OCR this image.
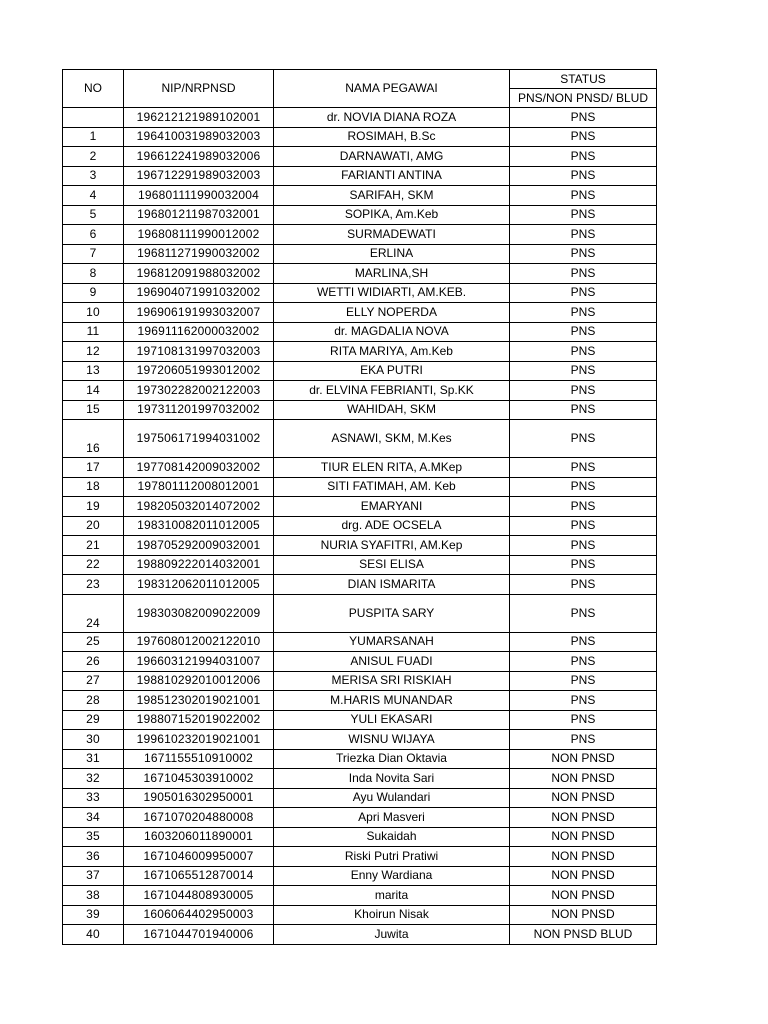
NO	NIP/NRPNSD	NAMA PEGAWAI	STATUS
			PNS/NON PNSD/ BLUD
	196212121989102001	dr. NOVIA DIANA ROZA	PNS
1	196410031989032003	ROSIMAH, B.Sc	PNS
2	196612241989032006	DARNAWATI, AMG	PNS
3	196712291989032003	FARIANTI ANTINA	PNS
4	196801111990032004	SARIFAH, SKM	PNS
5	196801211987032001	SOPIKA, Am.Keb	PNS
6	196808111990012002	SURMADEWATI	PNS
7	196811271990032002	ERLINA	PNS
8	196812091988032002	MARLINA,SH	PNS
9	196904071991032002	WETTI WIDIARTI, AM.KEB.	PNS
10	196906191993032007	ELLY NOPERDA	PNS
11	196911162000032002	dr. MAGDALIA NOVA	PNS
12	197108131997032003	RITA MARIYA, Am.Keb	PNS
13	197206051993012002	EKA PUTRI	PNS
14	197302282002122003	dr. ELVINA FEBRIANTI, Sp.KK	PNS
15	197311201997032002	WAHIDAH, SKM	PNS
16	197506171994031002	ASNAWI, SKM, M.Kes	PNS
17	197708142009032002	TIUR ELEN RITA, A.MKep	PNS
18	197801112008012001	SITI FATIMAH, AM. Keb	PNS
19	198205032014072002	EMARYANI	PNS
20	198310082011012005	drg. ADE OCSELA	PNS
21	198705292009032001	NURIA SYAFITRI, AM.Kep	PNS
22	198809222014032001	SESI ELISA	PNS
23	198312062011012005	DIAN ISMARITA	PNS
24	198303082009022009	PUSPITA SARY	PNS
25	197608012002122010	YUMARSANAH	PNS
26	196603121994031007	ANISUL FUADI	PNS
27	198810292010012006	MERISA SRI RISKIAH	PNS
28	198512302019021001	M.HARIS MUNANDAR	PNS
29	198807152019022002	YULI EKASARI	PNS
30	199610232019021001	WISNU WIJAYA	PNS
31	1671155510910002	Triezka Dian Oktavia	NON PNSD
32	1671045303910002	Inda Novita Sari	NON PNSD
33	1905016302950001	Ayu Wulandari	NON PNSD
34	1671070204880008	Apri Masveri	NON PNSD
35	1603206011890001	Sukaidah	NON PNSD
36	1671046009950007	Riski Putri Pratiwi	NON PNSD
37	1671065512870014	Enny Wardiana	NON PNSD
38	1671044808930005	marita	NON PNSD
39	1606064402950003	Khoirun Nisak	NON PNSD
40	1671044701940006	Juwita	NON PNSD BLUD
